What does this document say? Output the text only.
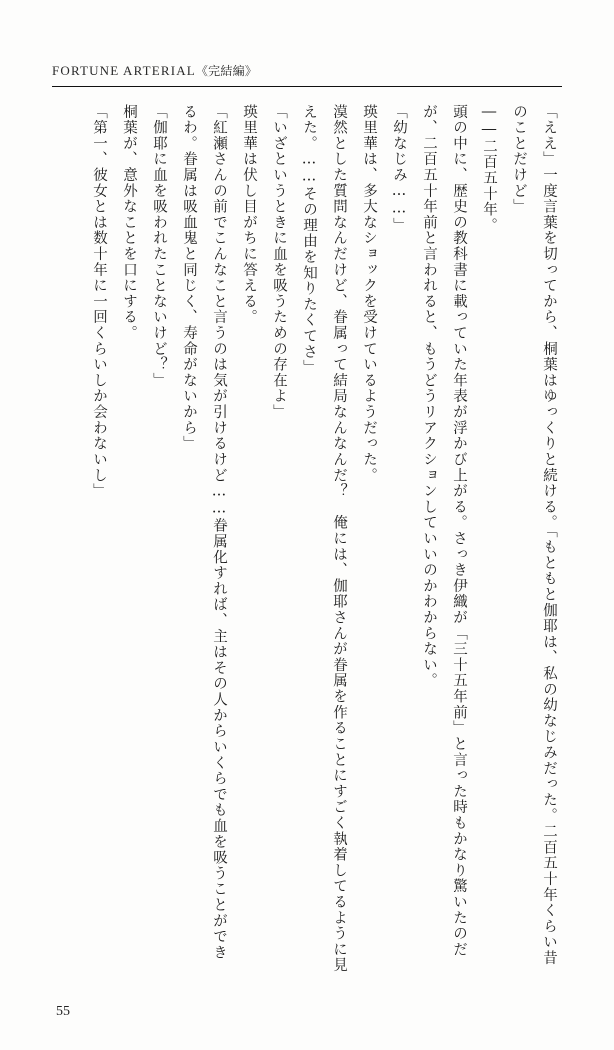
FORTUNE ARTERIAL《完結編》

「ええ」一度言葉を切ってから、桐葉はゆっくりと続ける。「もともと伽耶は、私の幼なじみだった。二百五十年くらい昔のことだけど」

――二百五十年。

頭の中に、歴史の教科書に載っていた年表が浮かび上がる。さっき伊織が「三十五年前」と言った時もかなり驚いたのだが、二百五十年前と言われると、もうどうリアクションしていいのかわからない。

「幼なじみ……」

瑛里華は、多大なショックを受けているようだった。

漠然とした質問なんだけど、眷属って結局なんなんだ？　俺には、伽耶さんが眷属を作ることにすごく執着してるように見えた。……その理由を知りたくてさ」

「いざというときに血を吸うための存在よ」

瑛里華は伏し目がちに答える。

「紅瀬さんの前でこんなこと言うのは気が引けるけど……眷属化すれば、主はその人からいくらでも血を吸うことができるわ。眷属は吸血鬼と同じく、寿命がないから」

「伽耶に血を吸われたことないけど？」

桐葉が、意外なことを口にする。

「第一、彼女とは数十年に一回くらいしか会わないし」

55
